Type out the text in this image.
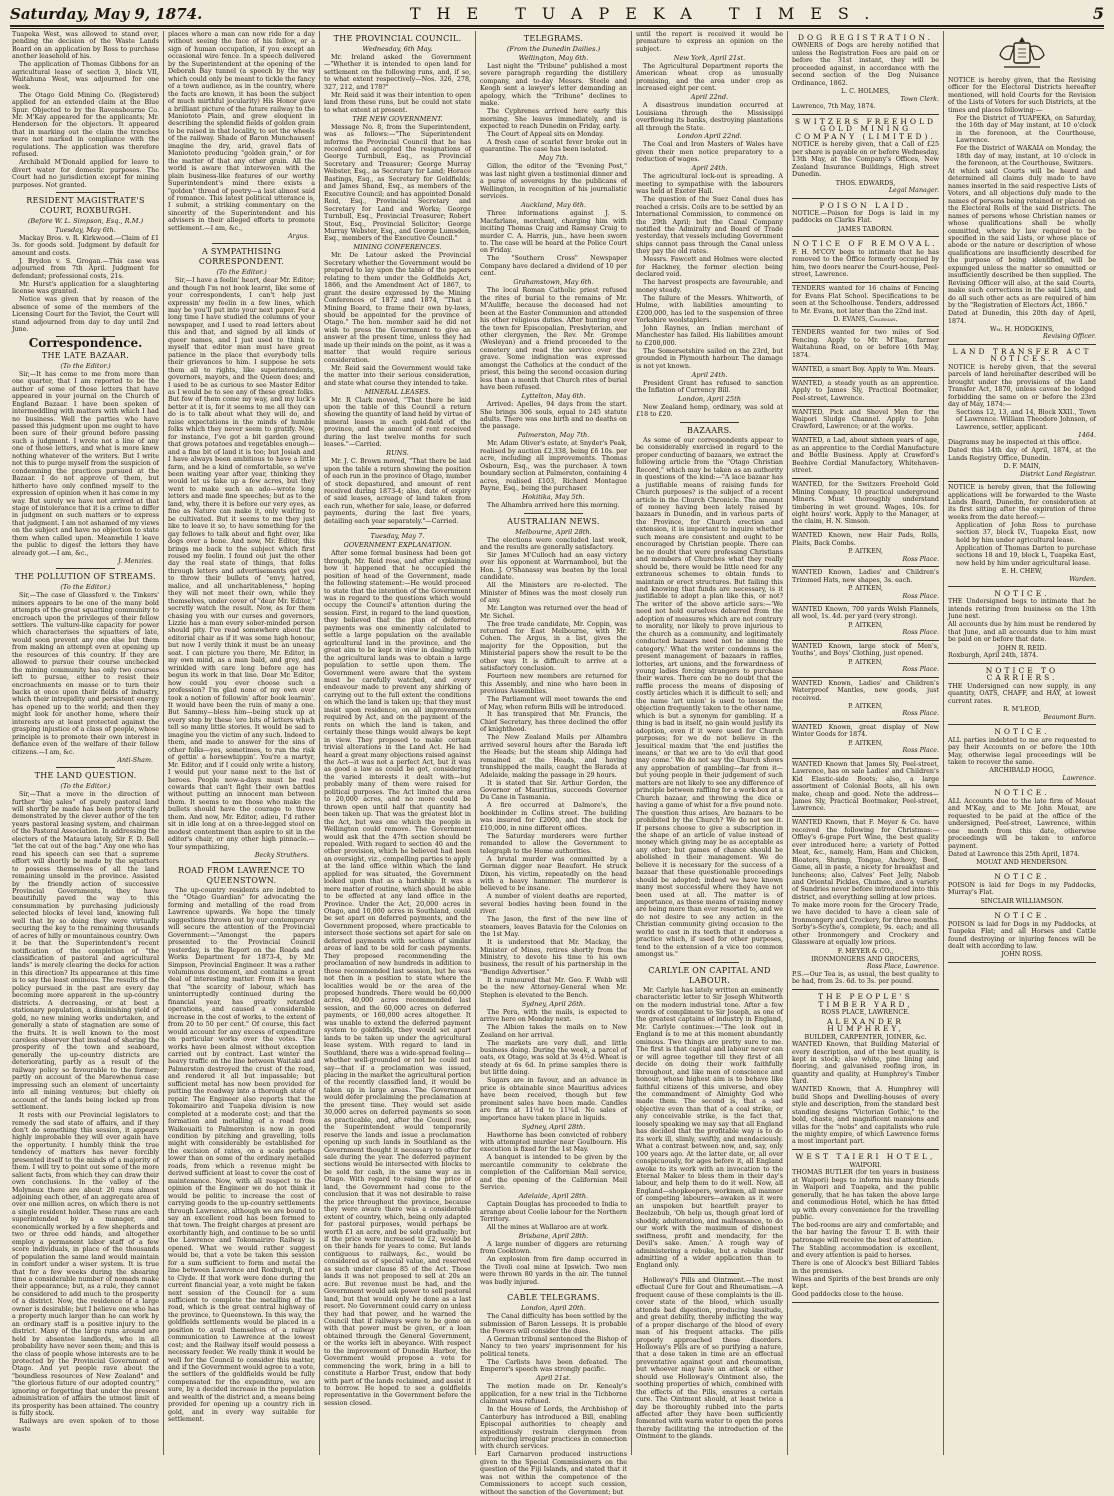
Saturday, May 9, 1874.	THE TUAPEKA TIMES.	5

Tuapeka West, was allowed to stand over, pending the decision of the Waste Lands Board on an application by Ross to purchase another leasehold of his.

The application of Thomas Gibbons for an agricultural lease of section 3, block VII, Waitahuna West, was adjourned for one week.

The Otago Gold Mining Co. (Registered) applied for an extended claim at the Blue Spur. Objected to by the Ravensbourne Co. Mr. M'Kay appeared for the applicants; Mr. Henderson for the objectors. It appeared that in marking out the claim the trenches were not marked in compliance with the regulations. The application was therefore refused.

Archibald M'Donald applied for leave to divert water for domestic purposes. The Court had no jurisdiction except for mining purposes. Not granted.

RESIDENT MAGISTRATE'S COURT, ROXBURGH.
(Before W. L. Simpson, Esq., R.M.)
Tuesday, May 6th.

Mackay Bros. v. R. Kirkwood.—Claim of £1 3s. for goods sold. Judgment by default for amount and costs.

J. Brydon v. S. Grogan.—This case was adjourned from 7th April. Judgment for defendant; professional costs, 21s.

Mr. Hurst's application for a slaughtering license was granted.

Notice was given that by reason of the absence of some of the members of the Licensing Court for the Teviot, the Court will stand adjourned from day to day until 2nd June.

Correspondence.
THE LATE BAZAAR.
(To the Editor.)

Sir,—It has come to me from more than one quarter, that I am reported to be the author of some of those letters that have appeared in your journal on the Church of England Bazaar. I have been spoken of intermeddling with matters with which I had no business. Well the parties who have passed this judgment upon me ought to have been sure of their ground before passing such a judgment. I wrote not a line of any one of those letters, and what is more knew nothing whatever of the writers. But I write not this to purge myself from the suspicion of condemning the practices pursued at the Bazaar. I do not approve of them, but hitherto have only confined myself to the expression of opinion when it has come in my way. But surely we have not arrived at that stage of intolerance that it is a crime to differ in judgment on such matters or to express that judgment. I am not ashamed of my views on the subject and have no objection to state them when called upon. Meanwhile I leave the public to digest the letters they have already got.—I am, &c.,

J. Menzies.
THE POLLUTION OF STREAMS.
(To the Editor.)

Sir,—The case of Glassford v. the Tinkers' miners appears to be one of the many bold attempts of the great squatting community to encroach upon the privileges of their fellow settlers. The vulture-like capacity for power which characterises the squatters of late, would soon prevent any one else but them from making an attempt even at opening up the resources of this country. If they are allowed to pursue their course unchecked the mining community has only two courses left to pursue, either to resist their encroachments en masse or to turn their backs at once upon their fields of industry, which their intrepidity and persistent energy has opened up to the world; and then they might look for another home, where their interests are at least protected against the grasping injustice of a class of people, whose principle is to promote their own interest in defiance even of the welfare of their fellow citizens.—I am, &c.

Anti-Sham.
THE LAND QUESTION.
(To the Editor.)

Sir,—That a move in the direction of further "big sales" of purely pastoral land will shortly be made has been pretty clearly demonstrated by the clever author of the ten years pastoral leasing system, and chairman of the Pastoral Association. In addressing the electors of the Mataura lately, Sir F. D. Bell "let the cat out of the bag." Any one who has read his speech can see that a supreme effort will shortly be made by the squatters to possess themselves of all the land remaining unsold in the province. Assisted by the friendly action of successive Provincial Governments, they have beautifully paved the way to this consummation by purchasing judiciously selected blocks of level land, knowing full well that by so doing they were virtually securing the key to the remaining thousands of acres of hilly or mountainous country. Own it be that the Superintendent's recent notification of the completion of "the classification of pastoral and agricultural lands" is merely clearing the decks for action in this direction? Its appearance at this time is to say the least ominous. The results of the policy pursued in the past are every day becoming more apparent in the up-country districts. A decreasing, or at best a stationary population, a diminishing yield of gold, no new mining works undertaken, and generally a state of stagnation are some of the fruits. It is well known to the most careless observer that instead of sharing the prosperity of the town and seaboard, generally the up-country districts are deteriorating, partly as a result of the railway policy so favourable to the former; partly on account of the Marewhenua case impressing such an element of uncertainty into all mining ventures; but chiefly on account of the lands being locked up from settlement.

It rests with our Provincial legislators to remedy the sad state of affairs, and if they don't do something this session, it appears highly improbable they will ever again have the opportunity. I humbly think the true tendency of matters has never forcibly presented itself to the minds of a majority of them. I will try to point out some of the more salient facts, from which they can draw their own conclusions. In the valley of the Molyneux there are about 20 runs almost adjoining each other, of an aggregate area of over one million acres, on which there is not a single resident holder. These runs are each superintended by a manager, and economically worked by a few shepherds and two or three odd hands, and altogether employ a permanent labor staff of a few score individuals, in place of the thousands of population the same land would maintain in comfort under a wiser system. It is true that for a few weeks during the shearing time a considerable number of nomads make their appearance; but, as a rule, they cannot be considered to add much to the prosperity of a district. Now, the residence of a large owner is desirable; but I believe one who has a property much larger than he can work by an ordinary staff is a positive injury to the district. Many of the large runs around are held by absentee landlords, who in all probability have never seen them; and this is the class of people whose interests are to be protected by the Provincial Government of Otago. And yet people rave about the "boundless resources of New Zealand" and "the glorious future of our adopted country," ignoring or forgetting that under the present administration of affairs the utmost limit of its prosperity has been attained. The country is fully stock.

Railways are even spoken of to those waste

places where a man can now ride for a day without seeing the face of his fellow, or a sign of human occupation, if you except an occasional wire fence. In a speech delivered by the Superintendent at the opening of the Deborah Bay tunnel (a speech by the way which could only be meant to tickle the fancy of a town audience, as in the country, where the facts are known, it has been the subject of much mirthful jocularity) His Honor gave a brilliant picture of the future railway to the Maniototo Plain, and grew eloquent in describing the splendid fields of golden grain to be raised in that locality, to set the wheels of the railway. Shade of Baron Munchausen! imagine the dry, arid, gravel flats of Maniototo producing "golden grain," or for the matter of that any other grain. All the world is aware that interwoven with the plain business-like features of our worthy Superintendent's mind there exists a "golden" thread of poetry—a last almost said of romance. This latest political utterance is, I submit, a striking commentary on the sincerity of the Superintendent and his advisers in their alleged efforts to promote settlement.—I am, &c.,

Argus.
A SYMPATHISING CORRESPONDENT.
(To the Editor.)

Sir,—I have a feelin' heart, dear Mr. Editor; and though I'm not book learnt, like some of your correspondents, I can't help just expressin' my feelin in a few lines, which may be you'll put into your next paper. For a long time I have studied the columns of your newspaper, and I used to read letters about this and that, and signed by all kinds of queer names, and I just used to think to myself that editor man must have great patience in the place that everybody tells their grievances to him. I suppose he sets them all to rights, like superintendents, governors, mayors, and the Queen does; and I used to be as curious to see Master Editor as I would be to see any of these great folks. But few of them come my way, and my luck's better at it is, for it seems to me all they can do is to talk about what they will do, and raise expectations in the minds of humble folks which they never seem to gratify. Now, for instance, I've got a bit garden ground that grows potatoes and vegetables enough—and a fine bit of land it is too; but Josiah and I have always been ambitious to have a little farm, and be a kind of comfortable, so we've been waiting year after year, thinking they would let us take up a few acres, but they went to make such an ado—wrote long letters and made fine speeches; but as to the land, why, there it is before our very eyes, as fine as Nature can make it, only waiting to be cultivated. But it seems to me they just like to leave it so, to have something for the gay fellows to talk about and fight over, like dogs over a bone. And now, Mr. Editor, this brings me back to the subject which first roused my feelin. I found out just the other day the real state of things, that folks through letters and advertisements get you to throw their bullets of "envy, hatred, malice, and all uncharitableness," hoping they will not meet their own, while they themselves, under cover of "dear Mr. Editor," secretly watch the result. Now, as for them chasing you with our curses and governors, Lizzie has a man every sober-minded person should pity. I've read somewhere about the editorial chair as if it was some high honour, but now I verily think it must be an uneasy seat. I can picture you there, Mr. Editor, in my own mind, as a man bald, and grey, and wrinkled with care long before age has begun its work in that line. Dear Mr. Editor, how could you ever choose such a profession? I'm glad none of my own ever took a notion of followin' after book learnin'. It would have been the ruin of many a one. But Sammy—bless him—being stuck up at every step by these 'ere bits of letters which tell so many little stories. It would be sad to imagine you the victim of any such. Indeed to them, and made to answer for the sins of other folks—yes, sometimes, to run the risk of gettin' a horsewhippin'. You're a martyr, Mr. Editor, and if I could only write a history, I would put your name next to the list of heroes. People now-a-days must be real cowards that can't fight their own battles without putting an innocent man between them. It seems to me those who make the bullets should have the courage to throw them. And now, Mr. Editor, adieu, I'd rather sit in idle long at on a three-legged stool on modest contentment than aspire to sit in the editor's chair, or any other high pinnacle.—Your sympathizing,

Becky Struthers.
ROAD FROM LAWRENCE TO QUEENSTOWN.

The up-country residents are indebted to the "Otago Guardian" for advocating the forming and metalling of the road from Lawrence upwards. We hope the timely suggestions thrown out by our contemporary will secure the attention of the Provincial Government:—"Amongst the papers presented to the Provincial Council yesterday, is the Report on the Roads and Works Department for 1873-4, by Mr. Simpson, Provincial Engineer. It was a rather voluminous document, and contains a great deal of interesting matter. From it we learn that "the scarcity of labour, which has uninterruptedly continued during the financial year, has greatly retarded operations, and caused a considerable increase in the cost of works, to the extent of from 20 to 50 per cent." Of course, this fact would account for any excess of expenditure on particular works over the votes. The works have been almost without exception carried out by contract. Last winter the heavy traffic on the line between Waitaki and Palmerston destroyed the crust of the road, and rendered it all but impassable; but sufficient metal has now been provided for putting the roadway into a thorough state of repair. The Engineer also reports that the Tokomairiro and Tuapeka division is now completed at a moderate cost; and that the formation and metalling of a road from Waikouaiti to Palmerston is now in good condition by pitching and gravelling, tolls might with considerably be established for the excision of rates, on a scale perhaps lower than on some of the ordinary metalled roads, from which a revenue might be derived sufficient at least to cover the cost of maintenance. Now, with all respect to the opinion of the Engineer we do not think it would be politic to increase the cost of carrying goods to the up-country settlements through Lawrence, although we are bound to say an excellent road has been formed to that town. The freight charges at present are exorbitantly high, and continue to be so until the Lawrence and Tokomairiro Railway is opened. What we would rather suggest would be, that a vote be taken this session for a sum sufficient to form and metal the line between Lawrence and Roxburgh, if not to Clyde. If that work were done during the current financial year, a vote might be taken next session of the Council for a sum sufficient to complete the metalling of the road, which is the great central highway of the province, to Queenstown. In this way, the goldfields settlements would be placed in a position to avail themselves of a railway communication to Lawrence at the lowest cost; and the Railway itself would possess a necessary feeder. We really think it would be well for the Council to consider this matter, and if the Government would agree to a vote, the settlers of the goldfields would be fully compensated for the expenditure, we are sure, by a decided increase in the population and wealth of the district and, a means being provided for opening up a country rich in gold, and in every way suitable for settlement.

THE PROVINCIAL COUNCIL.
Wednesday, 6th May.

Mr. Ireland asked the Government—"Whether it is intended to open land for settlement on the following runs, and, if so, to what extent respectively—Nos. 326, 278, 327, 212, and 178?"

Mr. Reid said it was their intention to open land from these runs, but he could not state to what extent at present.

THE NEW GOVERNMENT.

Message No. 8, from the Superintendent, was as follows:—"The Superintendent informs the Provincial Council that he has received and accepted the resignations of George Turnbull, Esq., as Provincial Secretary and Treasurer; George Murray Webster, Esq., as Secretary for Land; Horace Bastings, Esq., as Secretary for Goldfields; and James Shand, Esq., as members of the Executive Council; and has appointed Donald Reid, Esq., Provincial Secretary and Secretary for Land and Works; George Turnbull, Esq., Provincial Treasurer; Robert Stout, Esq., Provincial Solicitor; George Murray Webster, Esq., and George Lumsden, Esq., members of the Executive Council."

MINING CONFERENCES.

Mr. De Latour asked the Provincial Secretary whether the Government would be prepared to lay upon the table of the papers relating to them under the Goldfields Act, 1866, and the Amendment Act of 1867, to grant the desire expressed by the Mining Conferences of 1872 and 1874, "That a Mining Board, to frame their own by-laws, should be appointed for the province of Otago." The hon. member said he did not wish to press the Government to give an answer at the present time, unless they had made up their minds on the point, as it was a matter that would require serious consideration.

Mr. Reid said the Government would take the matter into their serious consideration, and state what course they intended to take.

MINERAL LEASES.

Mr. R Clark moved, "That there be laid upon the table of this Council a return showing the quantity of land held by virtue of mineral leases in each gold-field of the province, and the amount of rent received during the last twelve months for such leases."—Carried.

RUNS.

Mr. J. C. Brown moved, "That there be laid upon the table a return showing the position of each run in the province of Otago, number of stock depastured, and amount of rent received during 1873-4; also, date of expiry of said leases, acreage of land taken from each run, whether for sale, lease, or deferred payments, during the last five years, detailing each year separately."—Carried.

Tuesday, May 7.
GOVERNMENT EXPLANATION.

After some formal business had been got through, Mr. Reid rose, and after explaining how it happened that he occupied the position of head of the Government, made the following statement:—He would proceed to state that the intention of the Government was in regard to the questions which would occupy the Council's attention during the session. First, in regard to the land question, they believed that the plan of deferred payments was one eminently calculated to settle a large population on the available agricultural land in the province, and the great aim to be kept in view in dealing with the agricultural lands was to obtain a large population to settle upon them. The Government were aware that the system must be carefully watched, and every endeavour made to prevent any shirking of carrying out to the full extent the conditions on which the land is taken up; that they must insist upon residence, on all improvements required by Act, and on the payment of the rents on which the land is taken, and certainly these things would always be kept in view. They proposed to make certain trivial alterations in the Land Act. He had heard a great many objections raised against the Act—it was not a perfect Act, but it was as good a law as could be got, considering the varied interests it dealt with—but probably many of them were raised for political purposes. The Act limited the area to 20,000 acres, and no more could be thrown open until half that quantity had been taken up. That was the greatest blot in the Act, but was one which the people in Wellington could remove. The Government would ask that the 47th section should be repealed. With regard to section 40 and the other provision, which he believed had been an oversight, viz., compelling parties to apply at the land office within which the land applied for was situated, the Government looked upon that as a hardship. It was a mere matter of routine, which should be able to be effected at any land office in the Province. Under the Act, 20,000 acres in Otago, and 10,000 acres in Southland, could be set apart on deferred payments, and the Government proposed, where practicable to intersect those sections set apart for sale on deferred payments with sections of similar areas of land to be sold for cash payments. They proposed recommending the proclamation of new hundreds in addition to those recommended last session, but he was not then in a position to state where the localities would be or the area of the proposed hundreds. There would be 60,000 acres, 40,000 acres recommended last session, and the 60,000 acres on deferred payments, or 160,000 acres altogether. It was unable to extend the deferred payment system to goldfields, they would set apart lands to be taken up under the agricultural lease system. With regard to land in Southland, there was a wide-spread feeling—whether well-grounded or not he could not say—that if a proclamation was issued, placing in the market the agricultural portion of the recently classified land, it would be taken up in large areas. The Government would defer proclaiming the proclamation at the present time. They would set aside 30,000 acres on deferred payments so soon as practicable, and, after the Council rose, the Superintendent would temporarily reserve the lands and issue a proclamation opening up such lands in Southland as the Government thought it necessary to offer for sale during the year. The deferred payment sections would be intersected with blocks to be sold for cash, in the same way as in Otago. With regard to raising the price of land, the Government had come to the conclusion that it was not desirable to raise the price throughout the province, because they were aware there was a considerable extent of country, which, being only adapted for pastoral purposes, would perhaps be worth £1 an acre, and be sold gradually; but if the price were increased to £2, would be on their hands for years to come. But lands contiguous to railways, &c., would be considered as of special value, and reserved as such under clause 85 of the Act. Those lands it was not proposed to sell at 20s an acre. But revenue must be had, and the Government would ask power to sell pastoral land, but that would only be done as a last resort. No Government could carry on unless they had that power, and he warned the Council that if railways were to be gone on with that power must be given, or a loan obtained through the General Government, or the works left in abeyance. With respect to the improvement of Dunedin Harbor, the Government would propose a vote for commencing the work, bring in a bill to constitute a Harbor Trust, endow that body with part of the lands reclaimed, and assist it to borrow. He hoped to see a goldfields representative in the Government before the session closed.

TELEGRAMS.
(From the Dunedin Dailies.)
Wellington, May 6th.

Last night the "Tribune" published a most severe paragraph regarding the distillery company, and to-day Messrs. Steele and Keogh sent a lawyer's letter demanding an apology, which the "Tribune" declines to make.

The Cyphrenes arrived here early this morning. She leaves immediately, and is expected to reach Dunedin on Friday, early.

The Court of Appeal sits on Monday.

A fresh case of scarlet fever broke out in quarantine. The case has been isolated.

May 7th.

Gillon, the editor of the "Evening Post," was last night given a testimonial dinner and a purse of sovereigns by the publicans of Wellington, in recognition of his journalistic services.

Auckland, May 6th.

Three informations against J. S. Macfarlane, merchant, charging him with inciting Thomas Craig and Ramsay Craig to murder C. A. Harris, jun., have been sworn to. The case will be heard at the Police Court on Friday.

The "Southern Cross" Newspaper Company have declared a dividend of 10 per cent.

Grahamstown, May 6th.

The local Roman Catholic priest refused the rites of burial to the remains of Mr. M'Auliffe, because the deceased had not been at the Easter Communion and attended his other religious duties. After hunting over the town for Episcopalian, Presbyterian, and other clergymen, the Rev. Mr. Grompe (Wesleyan) and a friend proceeded to the cemetery and read the service over the grave. Some indignation was expressed amongst the Catholics at the conduct of the priest, this being the second occasion during less than a month that Church rites of burial have been refused.

Lyttelton, May 6th.

Arrived: Apelles, 94 days from the start. She brings 306 souls, equal to 245 statute adults. There was one birth and no deaths on the passage.

Palmerston, May 7th.

Mr. Adam Oliver's estate, at Snyder's Peak, realised by auction £2,338, being £6 10s. per acre, including all improvements. Thomas Osbourn, Esq., was the purchaser. A town boundary section at Palmerston, containing 4 acres, realised £103, Richard Montague Payne, Esq., being the purchaser.

Hokitika, May 5th.

The Alhambra arrived here this morning.

AUSTRALIAN NEWS.
Melbourne, April 28th.

The elections were concluded last week, and the results are generally satisfactory.

Sir James M'Culloch had an easy victory over his opponent at Warrnambool, but the Hon. J. O'Shanassy was beaten by the local candidate.

All the Ministers are re-elected. The Minister of Mines was the most closely run of any.

Mr. Langton was returned over the head of Mr. Sichel.

The free trade candidate, Mr. Coppin, was returned for East Melbourne, with Mr. Cohen. The Argus, in a list, gives the majority for the Opposition, but the Ministerial papers show the result to be the other way. It is difficult to arrive at a satisfactory conclusion.

Fourteen new members are returned for this Assembly, and nine who have been in previous Assemblies.

The Parliament will meet towards the end of May, when reform Bills will be introduced.

It has transpired that Mr. Francis, the Chief Secretary, has three declined the offer of knighthood.

The New Zealand Mails per Alhambra arrived several hours after the Barada left the Heads; but the steam ship Aldinga had remained at the Heads, and having transhipped the mails, caught the Barada at Adelaide, making the passage in 29 hours.

It is stated that Sir. Arthur Gordon, the Governor of Mauritius, succeeds Governor Du Cane in Tasmania.

A fire occurred at Dalmore's, the bookbinder in Collins street. The building was insured for £2000, and the stock for £10,000, in nine different offices.

The Saturday murderers were further remanded to allow the Government to telegraph to the Home authorities.

A brutal murder was committed by a German digger near Beaufort. He struck Dixon, his victim, repeatedly on the head with a heavy hammer. The murderer is believed to be insane.

A number of violent deaths are reported, several bodies having been found in the river.

The Jason, the first of the new line of steamers, leaves Batavia for the Colonies on the 1st May.

It is understood that Mr. Mackay, the Minister of Mines, retires shortly from the Ministry, to devote his time to his own business, the result of his partnership in the "Bendigo Advertiser."

It is rumoured that Mr. Geo. F. Webb will be the new Attorney-General when Mr. Stephen is elevated to the Bench.

Sydney, April 26th.

The Pera, with the mails, is expected to arrive here on Monday next.

The Albion takes the mails on to New Zealand on her arrival.

The markets are very dull, and little business doing. During the week, a parcel of oats, ex Otago, was sold at 3s 4½d. Wheat is steady at 6s 6d. In prime samples there is but little doing.

Sugars are in favour, and an advance in price is obtainable since Mauritius advices have been received, though but few prominent sales have been made. Candles are firm at 11½d to 11¾d. No sales of importance have taken place in liquids.

Sydney, April 28th.

Hawthorne has been convicted of robbery with attempted murder near Goulbourn. His execution is fixed for the 1st May.

A banquet is intended to be given by the mercantile community to celebrate the completion of the Californian Mail service, and the opening of the Californian Mail Service.

Adelaide, April 28th.

Captain Douglas has proceeded to India to arrange about Coolie labour for the Northern Territory.

All the mines at Wallaroo are at work.

Brisbane, April 28th.

A large number of diggers are returning from Cooktown.

An explosion from fire damp occurred in the Tivoli coal mine at Ipswich. Two men were thrown 80 yards in the air. The tunnel was badly injured.

CABLE TELEGRAMS.
London, April 20th.

The Canal difficulty has been settled by the submission of Baron Lesseps. It is probable the Powers will consider the dues.

A German tribunal sentenced the Bishop of Nancy to two years' imprisonment for his political tenets.

The Carlists have been defeated. The Emperor's speech was strongly pacific.

April 21st.

The motion made on Dr. Kenealy's application, for a new trial in the Tichborne claimant was refused.

In the House of Lords, the Archbishop of Canterbury has introduced a Bill, enabling Episcopal authorities to cheaply and expeditiously restrain clergymen from introducing irregular practices in connection with church services.

Earl Carnarvon produced instructions given to the Special Commissioners on the question of the Fiji Islands, and stated that it was not within the competence of the Commissioners to accept such cession, without the sanction of the Government; but

until the report is received it would be premature to express an opinion on the subject.

New York, April 21st.

The Agricultural Department reports the American wheat crop as unusually promising, and the area under crop as increased eight per cent.

April 22nd.

A disastrous inundation occurred at Louisiana through the Mississippi overflowing its banks, destroying plantations all through the State.

London April 22nd.

The Coal and Iron Masters of Wales have given their men notice preparatory to a reduction of wages.

April 24th.

The agricultural lock-out is spreading. A meeting to sympathise with the labourers was held at Exeter Hall.

The question of the Suez Canal dues has reached a crisis. Coils are to be settled by an International Commission, to commence on the 29th April; but the Canal Company notified the Admiralty and Board of Trade yesterday, that vessels including Government ships cannot pass through the Canal unless they pay the old rates.

Messrs. Fawcett and Holmes were elected for Hackney, the former election being declared void.

The harvest prospects are favourable, and money steady.

The failure of the Messrs. Whitworth, of Hulme, with liabilities amounting to £200,000, has led to the suspension of three Yorkshire woolstaplers.

John Raynes, an Indian merchant of Manchester has failed. His liabilities amount to £200,000.

The Somersetshire sailed on the 23rd, but grounded in Plymouth harbour. The damage is not yet known.

April 24th.

President Grant has refused to sanction the Inflation of Currency Bill.

London, April 25th

New Zealand hemp, ordinary, was sold at £18 to £20.

BAZAARS.

As some of our correspondents appear to be considerably exercised in regard to the proper conducting of bazaars, we extract the following article from the "Otago Christian Record," which may be taken as an authority in questions of the kind:—"A lace bazaar has a justifiable means of raising funds for Church purposes? is the subject of a recent article in the Church Chronicle. The amount of money having been lately raised by bazaars in Dunedin, and in various parts of the Province, for Church erection and extension, it is important to inquire whether such means are consistent and ought to be encouraged by Christian people. There can be no doubt that were professing Christians and members of Churches what they really should be, there would be little need for any extraneous schemes to obtain funds to maintain or erect structures. But failing this and knowing that funds are necessary, is it justifiable to adopt a plan like this, or not? The writer of the above article says:—'We need not hold ourselves debarred from the adoption of measures which are not contrary to morality, nor likely to prove injurious to the church as a community, and legitimately conducted bazaars need not be among the category.' What the writer condemns is the present management of bazaars in raffles, lotteries, art unions, and the forwardness of young ladies forcing strangers to purchase their wares. There can be no doubt that the raffle process the means of disposing of costly articles which it is difficult to sell; and the name 'art union' is used to lessen the objection frequently taken to the other name, which is but a synonym for gambling. If a thing is bad in itself, no gain would justify its adoption, even if it were used for Church purposes; for we do not believe in the Jesuitical maxim that 'the end justifies the means,' or that we are to 'do evil that good may come.' We do not say the Church shows any approbation of gambling—far from it—but young people in their judgement of such matters are not likely to see any difference of principle between raffling for a work-box at a Church bazaar, and throwing the dice or having a game of whist for a five pound note. The question thus arises, Are bazaars to be prohibited by the Church? We do not see it. If persons choose to give a subscription in the shape of an article of value instead of money which giving may be as acceptable as any other; but games of chance should be abolished in their management. We do believe it is necessary for the success of a bazaar that these questionable proceedings should be adopted; indeed we have known many most successful where they have not been used at all. The matter is of importance, as these means of raising money are being more than ever resorted to, and we do not desire to see any action in the Christian community giving occasion to the world to cast in its teeth that it endorses a practice which, if used for other purposes, tend to the extension of a vice too common amongst us."

CARLYLE ON CAPITAL AND LABOUR.

Mr. Carlyle has lately written an eminently characteristic letter to Sir Joseph Whitworth on the modern industrial tone. After a few words of compliment to Sir Joseph, as one of the greatest captains of industry in England, Mr. Carlyle continues:—"The look out in England is to me at this moment abundantly ominous. Two things are pretty sure to me. The first is that capital and labour never can or will agree together till they first of all decide on doing their work faithfully throughout, and like men of conscience and honour, whose highest aim is to behave like faithful citizens of this universe, and obey the commandment of Almighty God who made them. The second is, that a sad objective even than that of a coal strike, or any conceivable strike, is the fact that, loosely speaking we may say that all England has decided that the profitable way is to do its work ill, slimly, swiftly, and mendaciously. What a contrast between now, and, say, only 100 years ago. At the latter date, or, all over conspicuously, for ages before it, all England awoke to its work with an invocation to the Eternal Maker to bless them in their day's labour, and help them to do it well. Now, all England—shopkeepers, workmen, all manner of competing labourers—awaken as it were an unspoken but heartfelt prayer to Beelzebub, 'Oh help us, though great lord of shoddy, adulteration, and malfeasance, to do our work with the maximum of dishonest swiftness, profit and mendacity, for the Devil's sake. Amen.' A rough way of administering a rebuke, but a rebuke itself admitting of a wider application than to England only.

Holloway's Pills and Ointment.—The most effectual Cure for Gout and Rheumatism.—A frequent cause of these complaints is the ill-cover state of the blood, which usually attends bad digestion, producing lassitude, and great debility, thereby inflicting the way of a proper discharge of the blood of every man of his frequent attacks. The pills properly approached these disorders. Holloway's Pills are of so purifying a nature, that a dose taken in time are an effectual preventative against gout and rheumatism, but whoever may have an attack or either should use Holloway's Ointment also, the soothing properties of which, combined with the effects of the Pills, ensures a certain cure. The Ointment should, at least twice a day be thoroughly rubbed into the parts affected after they have been sufficiently fomented with warm water to open the pores thereby facilitating the introduction of the Ointment to the glands.

DOG REGISTRATION.

OWNERS of Dogs are hereby notified that unless the Registration Fees are paid on or before the 31st instant, they will be proceeded against, in accordance with the second section of the Dog Nuisance Ordinance, 1862.

L. C. HOLMES,
Town Clerk.

Lawrence, 7th May, 1874.

SWITZERS FREEHOLD GOLD MINING COMPANY (LIMITED).

NOTICE is hereby given, that a Call of £25 per share is payable on or before Wednesday, 13th May, at the Company's Offices, New Zealand Insurance Buildings, High street Dunedin.

THOS. EDWARDS,
Legal Manager.
POISON LAID.

NOTICE.—Poison for Dogs is laid in my paddocks on Clarks Flat.

JAMES TABORN.
NOTICE OF REMOVAL.

F. H. M'COY begs to intimate that he has removed to the Office formerly occupied by him, two doors nearer the Court-house, Peel-street, Lawrence.

TENDERS wanted for 16 chains of Fencing for Evans Flat School. Specifications to be seen at the Schoolhouse. Tenders, addressed to Mr. Evans, not later than the 22nd inst.

D. EVANS, Chairman.

TENDERS wanted for two miles of Sod Fencing. Apply to Mr. M'Rae, farmer Waitahuna Road, on or before 16th May, 1874.

WANTED, a smart Boy. Apply to Wm. Mears.

WANTED, a steady youth as an apprentice. Apply to James Sly, Practical Bootmaker, Peel-street, Lawrence.

WANTED, Pick and Shovel Men for the Waipori Sludge Channel. Apply to John Crawford, Lawrence; or at the works.

WANTED, a Lad, about sixteen years of age, as an apprentice to the Cordial Manufacture and Bottle Business. Apply at Crawford's Beehive Cordial Manufactory, Whitehaven-street.

WANTED, for the Switzers Freehold Gold Mining Company, 10 practical underground Miners. Must thoroughly understand timbering in wet ground. Wages, 10s. for eight hours' work. Apply to the Manager, at the claim, H. N. Simson.

WANTED Known, new Hair Pads, Rolls, Plaits, Back Combs.

P. AITKEN,
Ross Place.

WANTED Known, Ladies' and Children's Trimmed Hats, new shapes, 3s. each.

P. AITKEN,
Ross Place.

WANTED Known, 700 yards Welsh Flannels, all wool, 1s. 4d. per yard (very strong).

P. AITKEN,
Ross Place.

WANTED Known, large stock of Men's, Youths', and Boys' Clothing, just opened.

P. AITKEN,
Ross Place.

WANTED Known, Ladies' and Children's Waterproof Mantles, new goods, just received.

P. AITKEN,
Ross Place.

WANTED Known, great display of New Winter Goods for 1874.

P. AITKEN,
Ross Place.

WANTED Known that James Sly, Peel-street, Lawrence, has on sale Ladies' and Children's Kid Elastic-side Boots; also, a large assortment of Colonial Boots, all his own make, cheap and good. Note the address—James Sly, Practical Bootmaker, Peel-street, Lawrence.

WANTED Known, that F. Meyer & Co. have received the following for Christmas:—Offley's 6-grape Port Wine, the best quality ever introduced here; a variety of Potted Meat, &c., namely, Ham, Ham and Chicken, Bloaters, Shrimp, Tongue, Anchovy, Beef, Game, all in paste, a nicety for breakfast and luncheons; also, Calves' Feet Jelly, Nabob and Oriental Pickles, Chutnee, and a variety of Sundries never before introduced into this district, and everything selling at low prices.

To make more room for the Grocery Trade, we have decided to have a clean sale of Ironmongery and Crockery, for three months. Sorby's-Scythe's, complete, 9s. each; and all other Ironmongery and Crockery and Glassware at equally low prices.

F. MEYER & CO.,
IRONMONGERS AND GROCERS,
Ross Place, Lawrence.

P.S.—Our Tea is, as usual, the best quality to be had, from 2s. 6d. to 3s. per pound.

THE PEOPLE'S TIMBER YARD,
ROSS PLACE, LAWRENCE.
ALEXANDER HUMPHREY,
BUILDER, CARPENTER, JOINER, &c.

WANTED Known, that Building Material of every description, and of the best quality, is kept in stock; also white, pine lining and flooring, and galvanised roofing iron, in quantity and quality, at Humphrey's Timber Yard.

WANTED Known, that A. Humphrey will build Shops and Dwelling-houses of every style and description, from the standard best standing designs "Victorian Gothic," to the bold, chaste, and magnificent mansions and villas for the "nobs" and capitalists who rule the mighty empire, of which Lawrence forms a most important part.

WEST TAIERI HOTEL,
WAIPORI.

THOMAS BUTLER (for ten years in business at Waipori) begs to inform his many friends in Waipori and Tuapeka, and the public generally, that he has taken the above large and commodious Hotel, which he has fitted up with every convenience for the travelling public.

The bed-rooms are airy and comfortable; and the bar having the favour T. B. with their patronage will receive the best of attention.

The Stabling accommodation is excellent, and every attention is paid to horses.

There is one of Alcock's best Billiard Tables in the premises.

Wines and Spirits of the best brands are only kept.

Good paddocks close to the house.

NOTICE is hereby given, that the Revising officer for the Electoral Districts hereafter mentioned, will hold Courts for the Revision of the Lists of Voters for such Districts, at the times and places following:—

For the District of TUAPEKA, on Saturday, the 16th day of May instant, at 10 o'clock in the forenoon, at the Courthouse, Lawrence.

For the District of WAKAIA on Monday, the 18th day of may, instant, at 10 o'clock in the forenoon, at the Courthouse, Switzers.

At which said Courts will be heard and determined all claims duly made to have names inserted in the said respective Lists of Voters, and all objections duly made to the names of persons being retained or placed on the Electoral Rolls of the said Districts. The names of persons whose Christian names or whose qualifications shall be wholly ommitted, where by law required to be specified in the said Lists, or whose place of abode or the nature or description of whose qualifications are insufficiently described for the purpose of being identified, will be expunged unless the matter so ommitted or insufficiently described be then supplied. The Revising Officer will also, at the said Courts, make such corrections in the said Lists, and do all such other acts as are required of him by the "Registration of Electors Act, 1866."

Dated at Dunedin, this 20th day of April, 1874.

Wm. H. HODGKINS,
Revising Officer.
LAND TRANSFER ACT NOTICES.

NOTICE is hereby given, that the several parcels of land hereinafter described will be brought under the provisions of the Land Transfer Act, 1870, unless caveat be lodged forbidding the same on or before the 23rd day of May, 1874:—

Sections 12, 13, and 14, Block XXII., Town of Lawrence. William Theodore Johnson, of Lawrence, settler, applicant.

1464.

Diagrams may be inspected at this office.

Dated this 14th day of April, 1874, at the Lands Registry Office, Dunedin.

D. F. MAIN,
District Land Registrar.

NOTICE is hereby given, that the following applications will be forwarded to the Waste Lands Board, Dunedin, for consideration at its first sitting after the expiration of three weeks from the date hereof:—

Application of John Ross to purchase section 37, block IV., Tuapeka East, now held by him under agricultural lease.

Application of Thomas Darton to purchase sections 18 and 19, block L, Tuapeka East, now held by him under agricultural lease.

E. H. CHEW,
Warden.
NOTICE.

THE Undersigned begs to intimate that he intends retiring from business on the 13th June next.

All accounts due by him must be rendered by that June, and all accounts due to him must be paid on or before that date.

JOHN R. REID.

Roxburgh, April 24th, 1874.

NOTICE TO CARRIERS.

THE Undersigned can now supply, in any quantity, OATS, CHAFF, and HAY, at lowest current rates.

R. M'LEOD,
Beaumont Burn.
NOTICE.

ALL parties indebted to me are requested to pay their Accounts on or before the 10th May, otherwise legal proceedings will be taken to recover the same.

ARCHIBALD HOGG,
Lawrence.
NOTICE.

ALL Accounts due to the late firm of Mouat and M'Kay, and to Mr. John Mouat, are requested to be paid at the office of the undersigned, Peel-street, Lawrence, within one month from this date, otherwise proceedings will be taken to enforce payment.

Dated at Lawrence this 25th April, 1874.

MOUAT AND HENDERSON.
NOTICE.

POISON is laid for Dogs in my Paddocks, Murray's Flat.

SINCLAIR WILLIAMSON.
NOTICE.

POISON is laid for Dogs in my Paddocks, at Tuapeka Flat; and all Horses and Cattle found destroying or injuring fences will be dealt with according to law.

JOHN ROSS.
